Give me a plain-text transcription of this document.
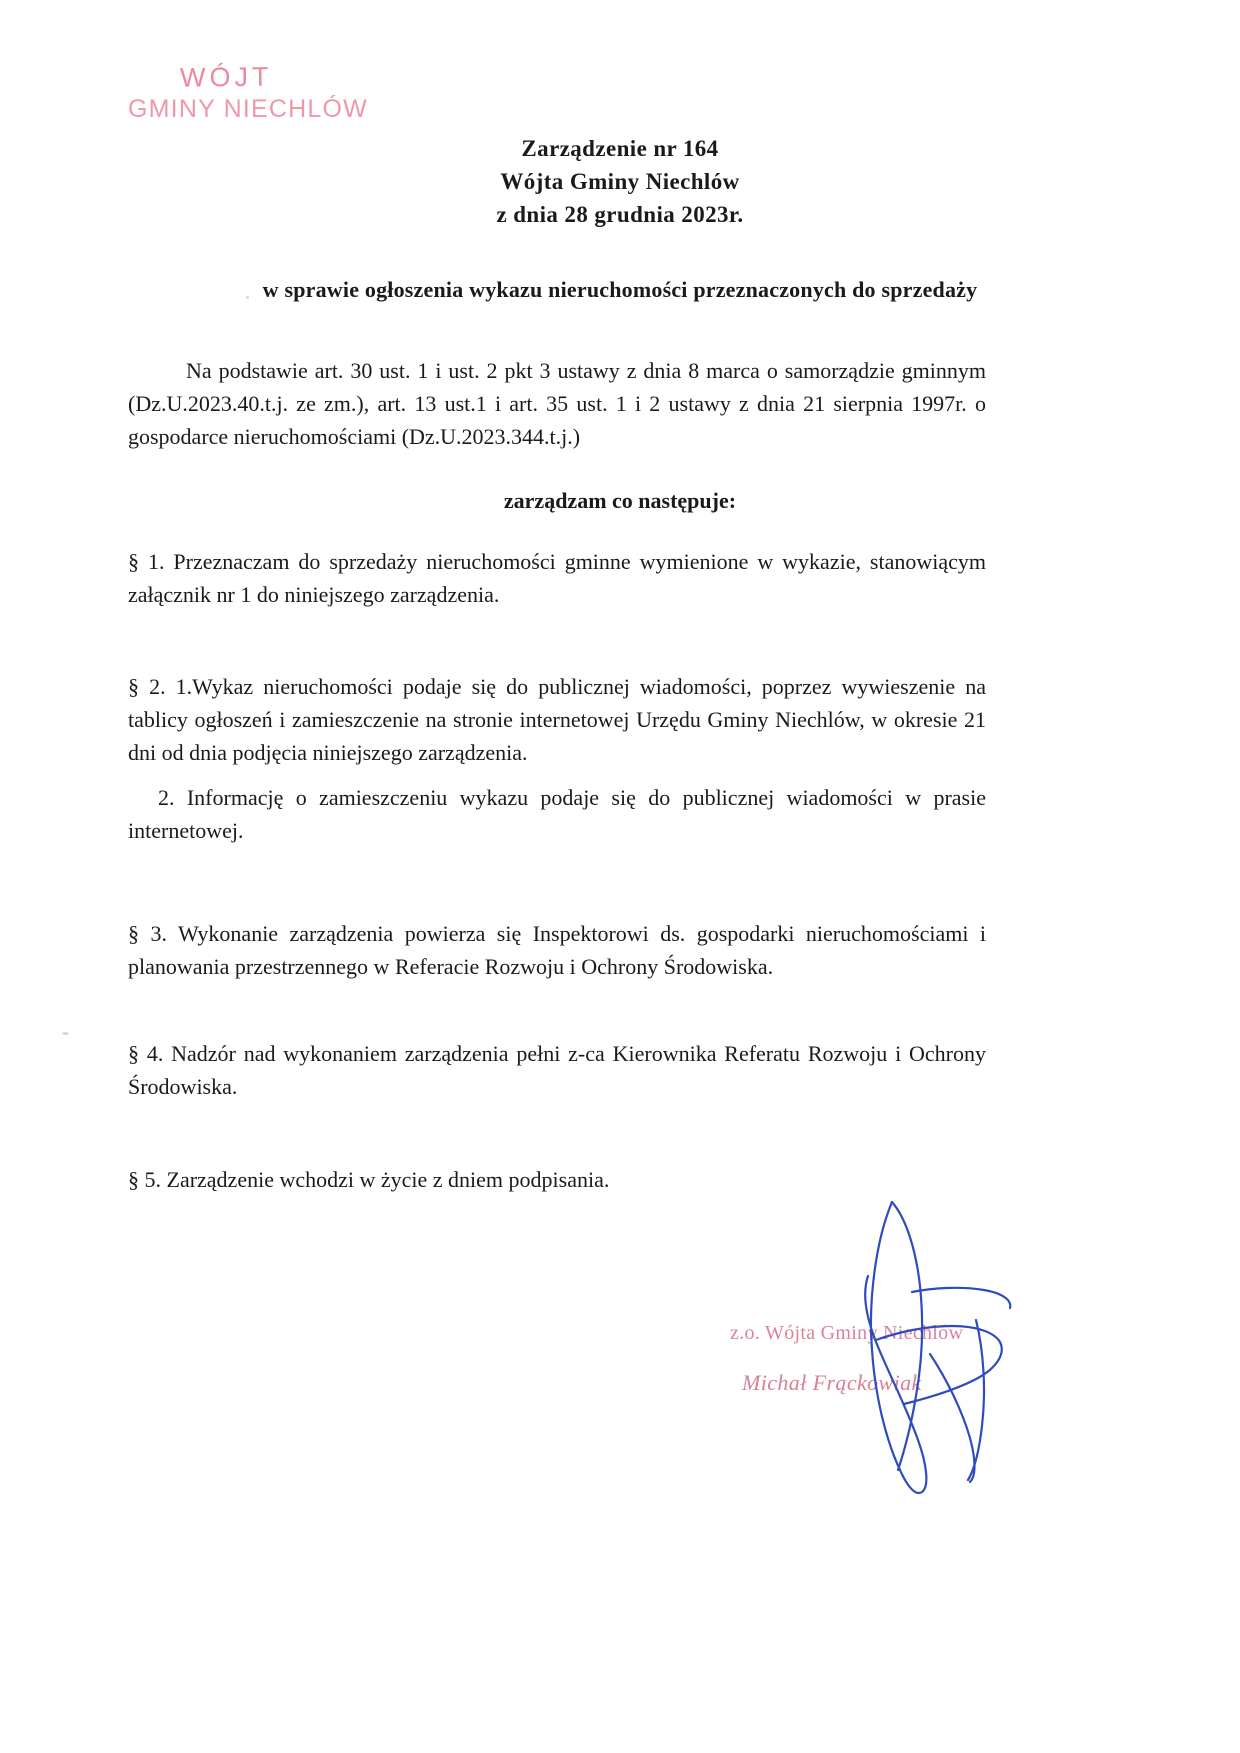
WÓJT
GMINY NIECHLÓW
Zarządzenie nr 164
Wójta Gminy Niechlów
z dnia 28 grudnia 2023r.
w sprawie ogłoszenia wykazu nieruchomości przeznaczonych do sprzedaży
Na podstawie art. 30 ust. 1 i ust. 2 pkt 3 ustawy z dnia 8 marca o samorządzie gminnym (Dz.U.2023.40.t.j. ze zm.), art. 13 ust.1 i art. 35 ust. 1 i 2 ustawy z dnia 21 sierpnia 1997r. o gospodarce nieruchomościami (Dz.U.2023.344.t.j.)
zarządzam co następuje:
§ 1. Przeznaczam do sprzedaży nieruchomości gminne wymienione w wykazie, stanowiącym załącznik nr 1 do niniejszego zarządzenia.
§ 2. 1.Wykaz nieruchomości podaje się do publicznej wiadomości, poprzez wywieszenie na tablicy ogłoszeń i zamieszczenie na stronie internetowej Urzędu Gminy Niechlów, w okresie 21 dni od dnia podjęcia niniejszego zarządzenia.
2. Informację o zamieszczeniu wykazu podaje się do publicznej wiadomości w prasie internetowej.
§ 3. Wykonanie zarządzenia powierza się Inspektorowi ds. gospodarki nieruchomościami i planowania przestrzennego w Referacie Rozwoju i Ochrony Środowiska.
§ 4. Nadzór nad wykonaniem zarządzenia pełni z-ca Kierownika Referatu Rozwoju i Ochrony Środowiska.
§ 5. Zarządzenie wchodzi w życie z dniem podpisania.
z.o. Wójta Gminy Niechlów
Michał Frąckowiak
